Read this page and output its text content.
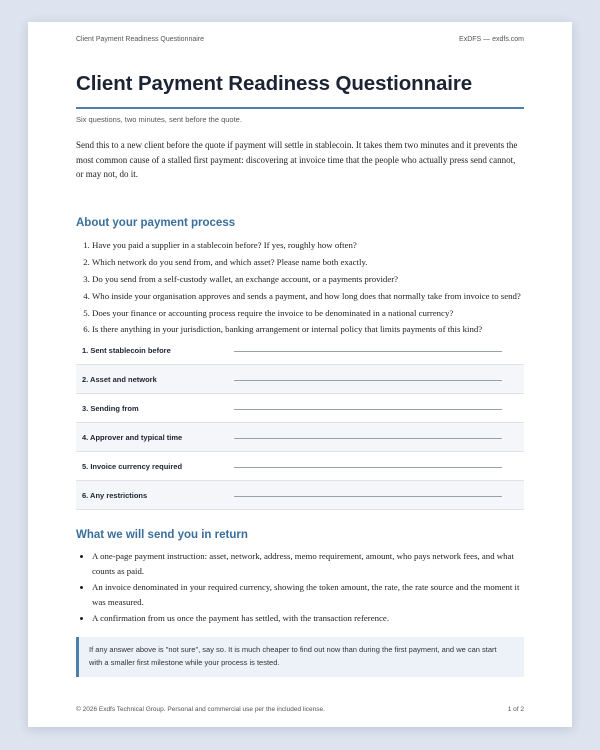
Client Payment Readiness Questionnaire	ExDFS — exdfs.com
Client Payment Readiness Questionnaire
Six questions, two minutes, sent before the quote.

Send this to a new client before the quote if payment will settle in stablecoin. It takes them two minutes and it prevents the most common cause of a stalled first payment: discovering at invoice time that the people who actually press send cannot, or may not, do it.

About your payment process
1. Have you paid a supplier in a stablecoin before? If yes, roughly how often?
2. Which network do you send from, and which asset? Please name both exactly.
3. Do you send from a self-custody wallet, an exchange account, or a payments provider?
4. Who inside your organisation approves and sends a payment, and how long does that normally take from invoice to send?
5. Does your finance or accounting process require the invoice to be denominated in a national currency?
6. Is there anything in your jurisdiction, banking arrangement or internal policy that limits payments of this kind?
1. Sent stablecoin before
2. Asset and network
3. Sending from
4. Approver and typical time
5. Invoice currency required
6. Any restrictions
What we will send you in return
• A one-page payment instruction: asset, network, address, memo requirement, amount, who pays network fees, and what counts as paid.
• An invoice denominated in your required currency, showing the token amount, the rate, the rate source and the moment it was measured.
• A confirmation from us once the payment has settled, with the transaction reference.
If any answer above is "not sure", say so. It is much cheaper to find out now than during the first payment, and we can start with a smaller first milestone while your process is tested.
© 2026 Exdfs Technical Group. Personal and commercial use per the included license.	1 of 2
